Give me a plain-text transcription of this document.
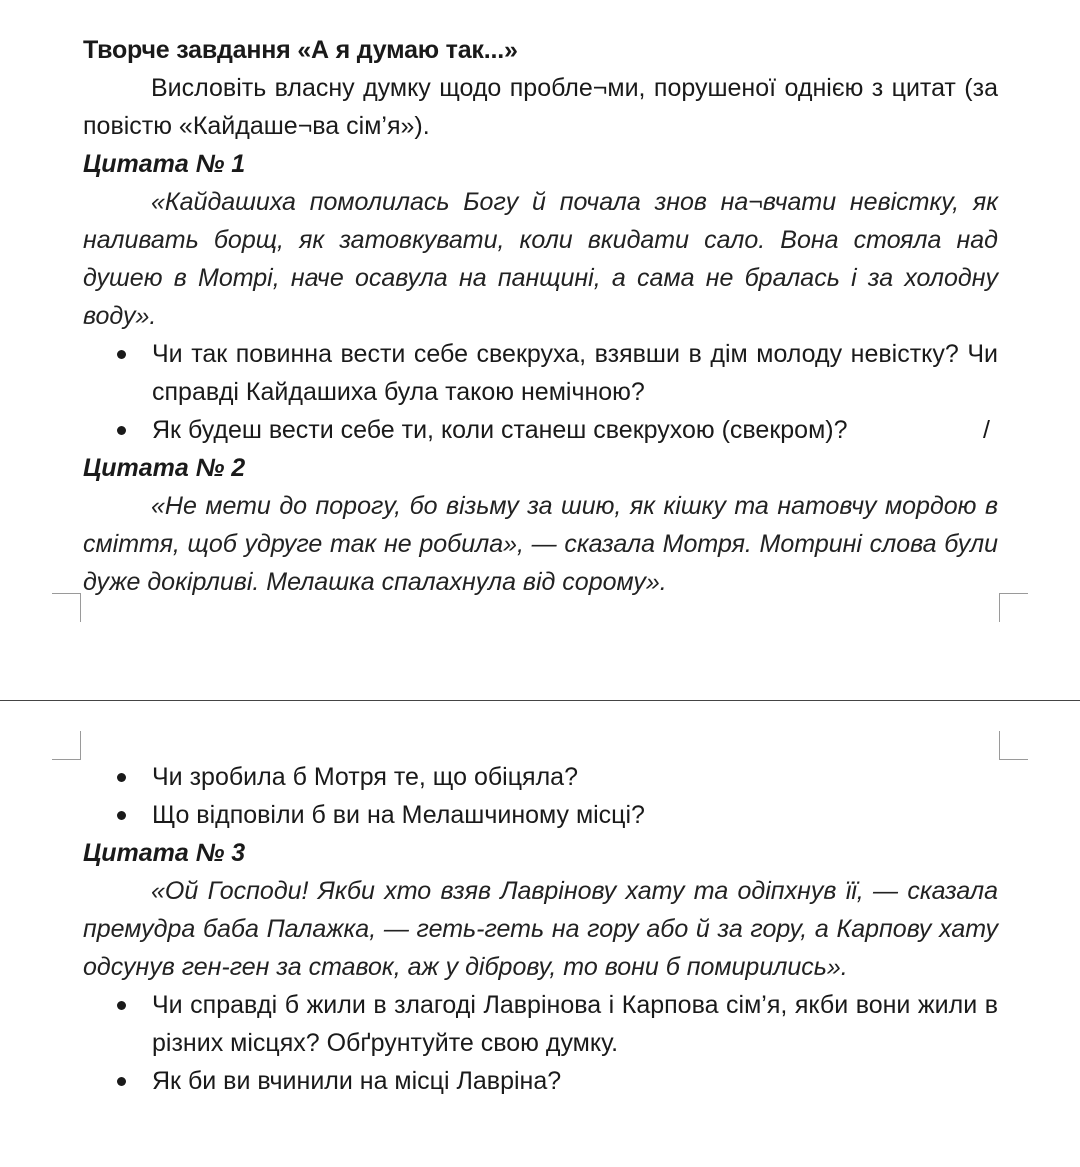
Творче завдання «А я думаю так...»

Висловіть власну думку щодо пробле¬ми, порушеної однією з цитат (за повістю «Кайдаше¬ва сім’я»).

Цитата № 1

«Кайдашиха помолилась Богу й почала знов на¬вчати невістку, як наливать борщ, як затовкувати, коли вкидати сало. Вона стояла над душею в Мотрі, наче осавула на панщині, а сама не бралась і за холодну воду».

Чи так повинна вести себе свекруха, взявши в дім молоду невістку? Чи справді Кайдашиха була такою немічною?
Як будеш вести себе ти, коли станеш свекрухою (свекром)?	/

Цитата № 2

«Не мети до порогу, бо візьму за шию, як кішку та натовчу мордою в сміття, щоб удруге так не робила», — сказала Мотря. Мотрині слова були дуже докірливі. Мелашка спалахнула від сорому».

Чи зробила б Мотря те, що обіцяла?
Що відповіли б ви на Мелашчиному місці?

Цитата № 3

«Ой Господи! Якби хто взяв Лаврінову хату та одіпхнув її, — сказала премудра баба Палажка, — геть-геть на гору або й за гору, а Карпову хату одсунув ген-ген за ставок, аж у діброву, то вони б помирились».

Чи справді б жили в злагоді Лаврінова і Карпова сім’я, якби вони жили в різних місцях? Обґрунтуйте свою думку.
Як би ви вчинили на місці Лавріна?
